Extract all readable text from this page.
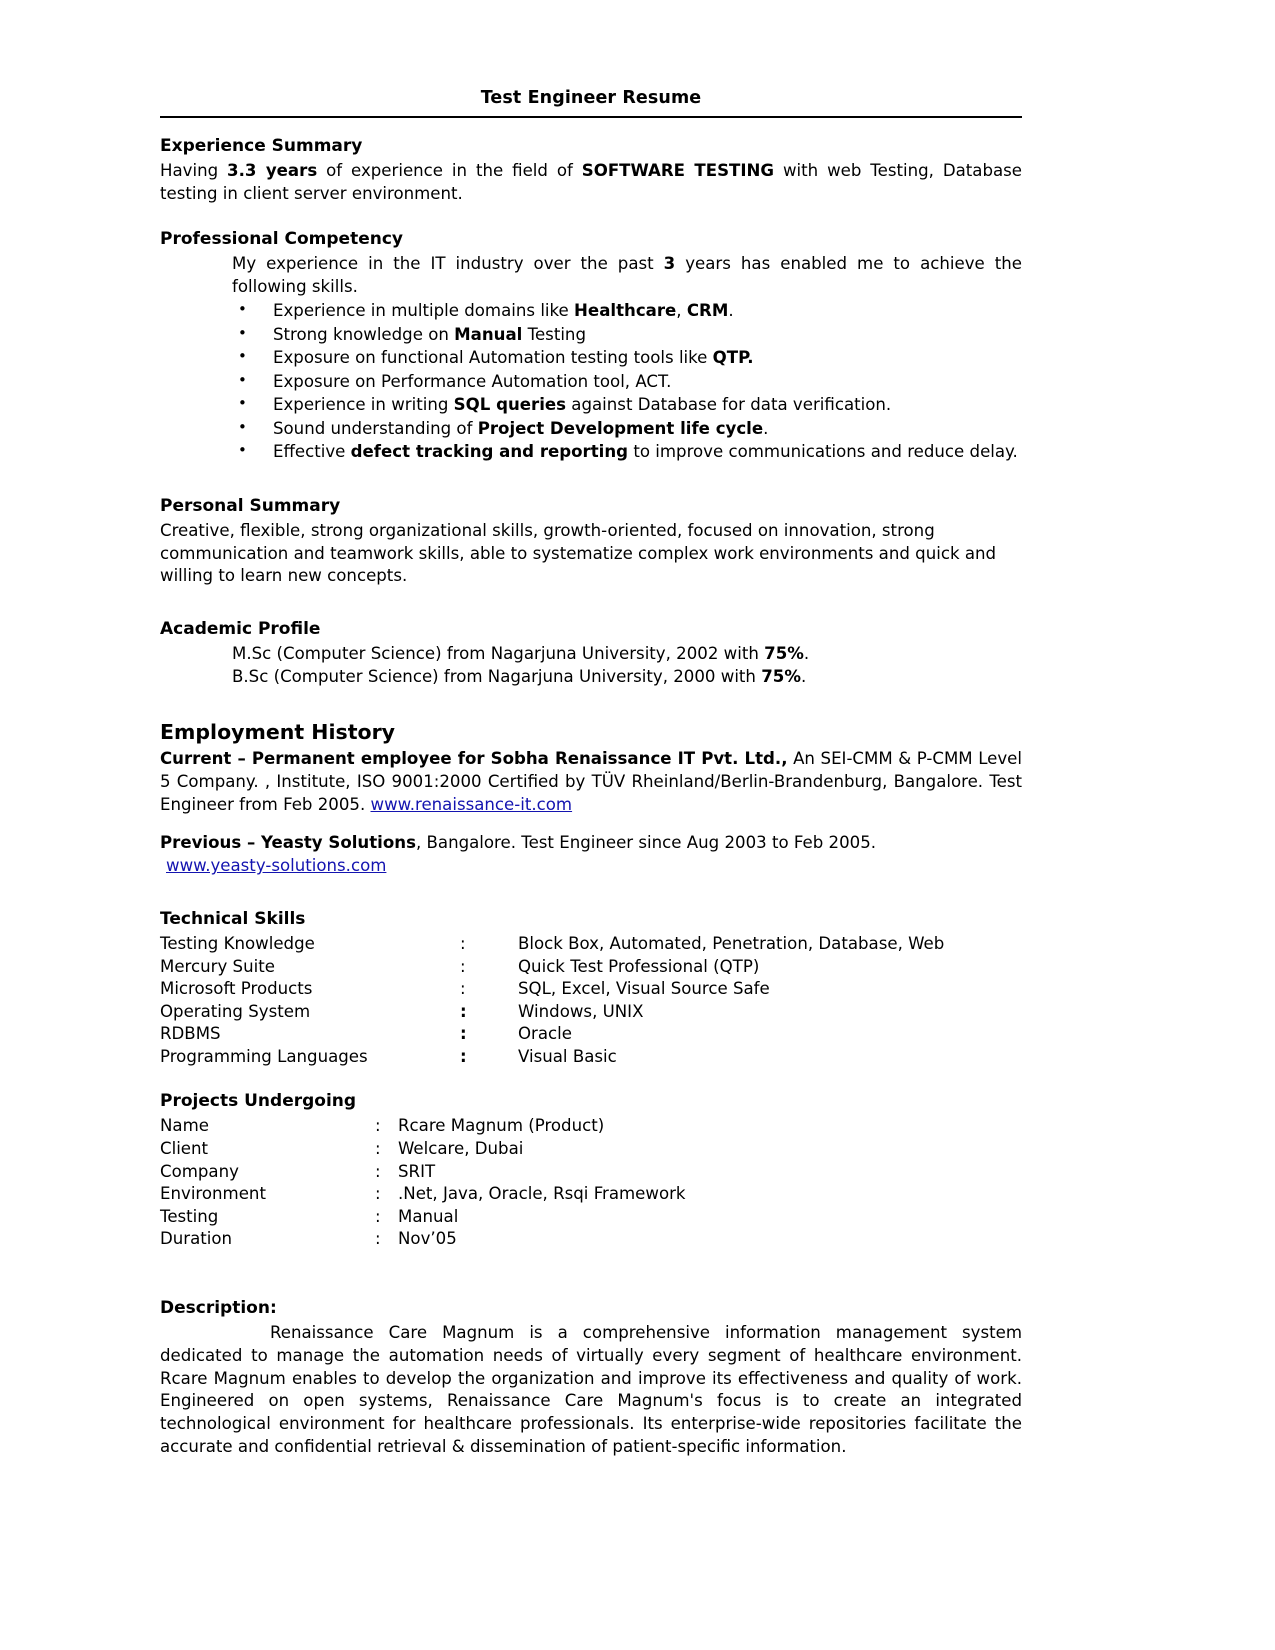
Test Engineer Resume
Experience Summary

Having 3.3 years of experience in the field of SOFTWARE TESTING with web Testing, Database testing in client server environment.

Professional Competency

My experience in the IT industry over the past 3 years has enabled me to achieve the following skills.

• Experience in multiple domains like Healthcare, CRM.
• Strong knowledge on Manual Testing
• Exposure on functional Automation testing tools like QTP.
• Exposure on Performance Automation tool, ACT.
• Experience in writing SQL queries against Database for data verification.
• Sound understanding of Project Development life cycle.
• Effective defect tracking and reporting to improve communications and reduce delay.
Personal Summary

Creative, flexible, strong organizational skills, growth-oriented, focused on innovation, strong communication and teamwork skills, able to systematize complex work environments and quick and willing to learn new concepts.

Academic Profile

M.Sc (Computer Science) from Nagarjuna University, 2002 with 75%.

B.Sc (Computer Science) from Nagarjuna University, 2000 with 75%.

Employment History

Current – Permanent employee for Sobha Renaissance IT Pvt. Ltd., An SEI-CMM & P-CMM Level 5 Company. , Institute, ISO 9001:2000 Certified by TÜV Rheinland/Berlin-Brandenburg, Bangalore. Test Engineer from Feb 2005. www.renaissance-it.com

Previous – Yeasty Solutions, Bangalore. Test Engineer since Aug 2003 to Feb 2005.

www.yeasty-solutions.com

Technical Skills
Testing Knowledge	:	Block Box, Automated, Penetration, Database, Web
Mercury Suite	:	Quick Test Professional (QTP)
Microsoft Products	:	SQL, Excel, Visual Source Safe
Operating System	:	Windows, UNIX
RDBMS	:	Oracle
Programming Languages	:	Visual Basic
Projects Undergoing
Name	:	Rcare Magnum (Product)
Client	:	Welcare, Dubai
Company	:	SRIT
Environment	:	.Net, Java, Oracle, Rsqi Framework
Testing	:	Manual
Duration	:	Nov’05
Description:

Renaissance Care Magnum is a comprehensive information management system dedicated to manage the automation needs of virtually every segment of healthcare environment. Rcare Magnum enables to develop the organization and improve its effectiveness and quality of work. Engineered on open systems, Renaissance Care Magnum's focus is to create an integrated technological environment for healthcare professionals. Its enterprise-wide repositories facilitate the accurate and confidential retrieval & dissemination of patient-specific information.
